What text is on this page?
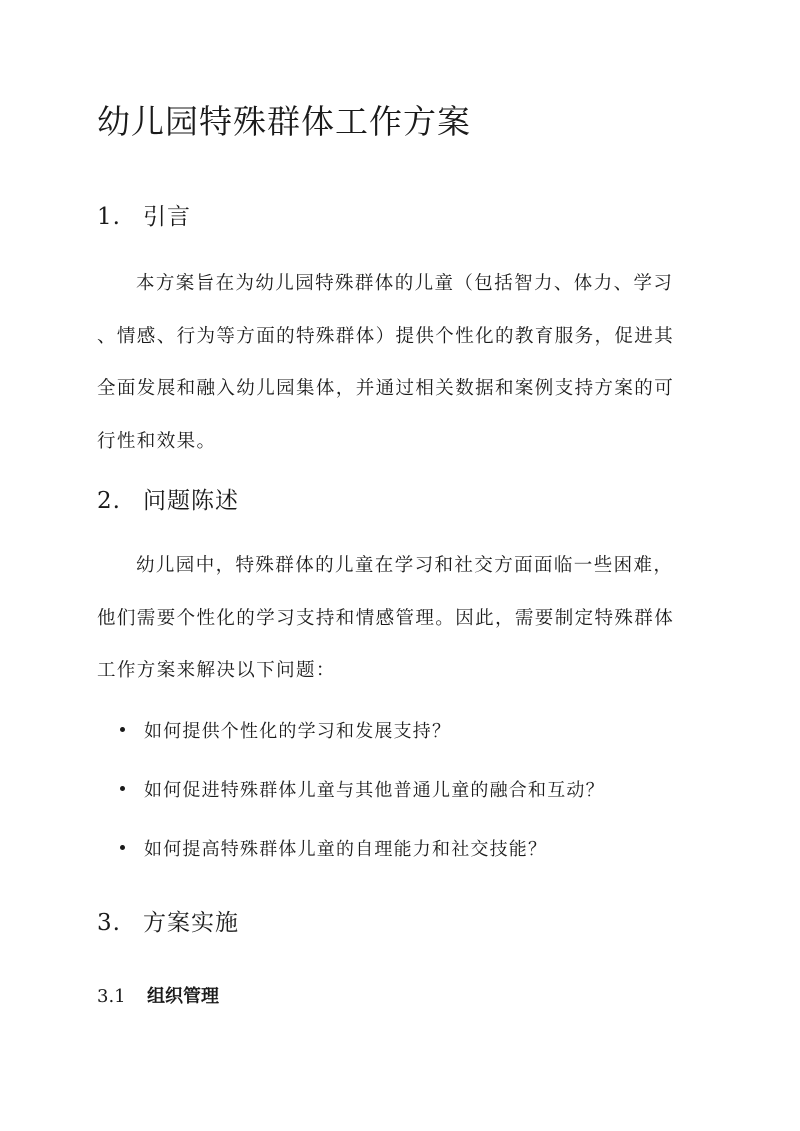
幼儿园特殊群体工作方案
1. 引言

本方案旨在为幼儿园特殊群体的儿童（包括智力、体力、学习
、情感、行为等方面的特殊群体）提供个性化的教育服务，促进其
全面发展和融入幼儿园集体，并通过相关数据和案例支持方案的可
行性和效果。

2. 问题陈述

幼儿园中，特殊群体的儿童在学习和社交方面面临一些困难，
他们需要个性化的学习支持和情感管理。因此，需要制定特殊群体
工作方案来解决以下问题：

如何提供个性化的学习和发展支持？
如何促进特殊群体儿童与其他普通儿童的融合和互动？
如何提高特殊群体儿童的自理能力和社交技能？
3. 方案实施
3.1 组织管理
